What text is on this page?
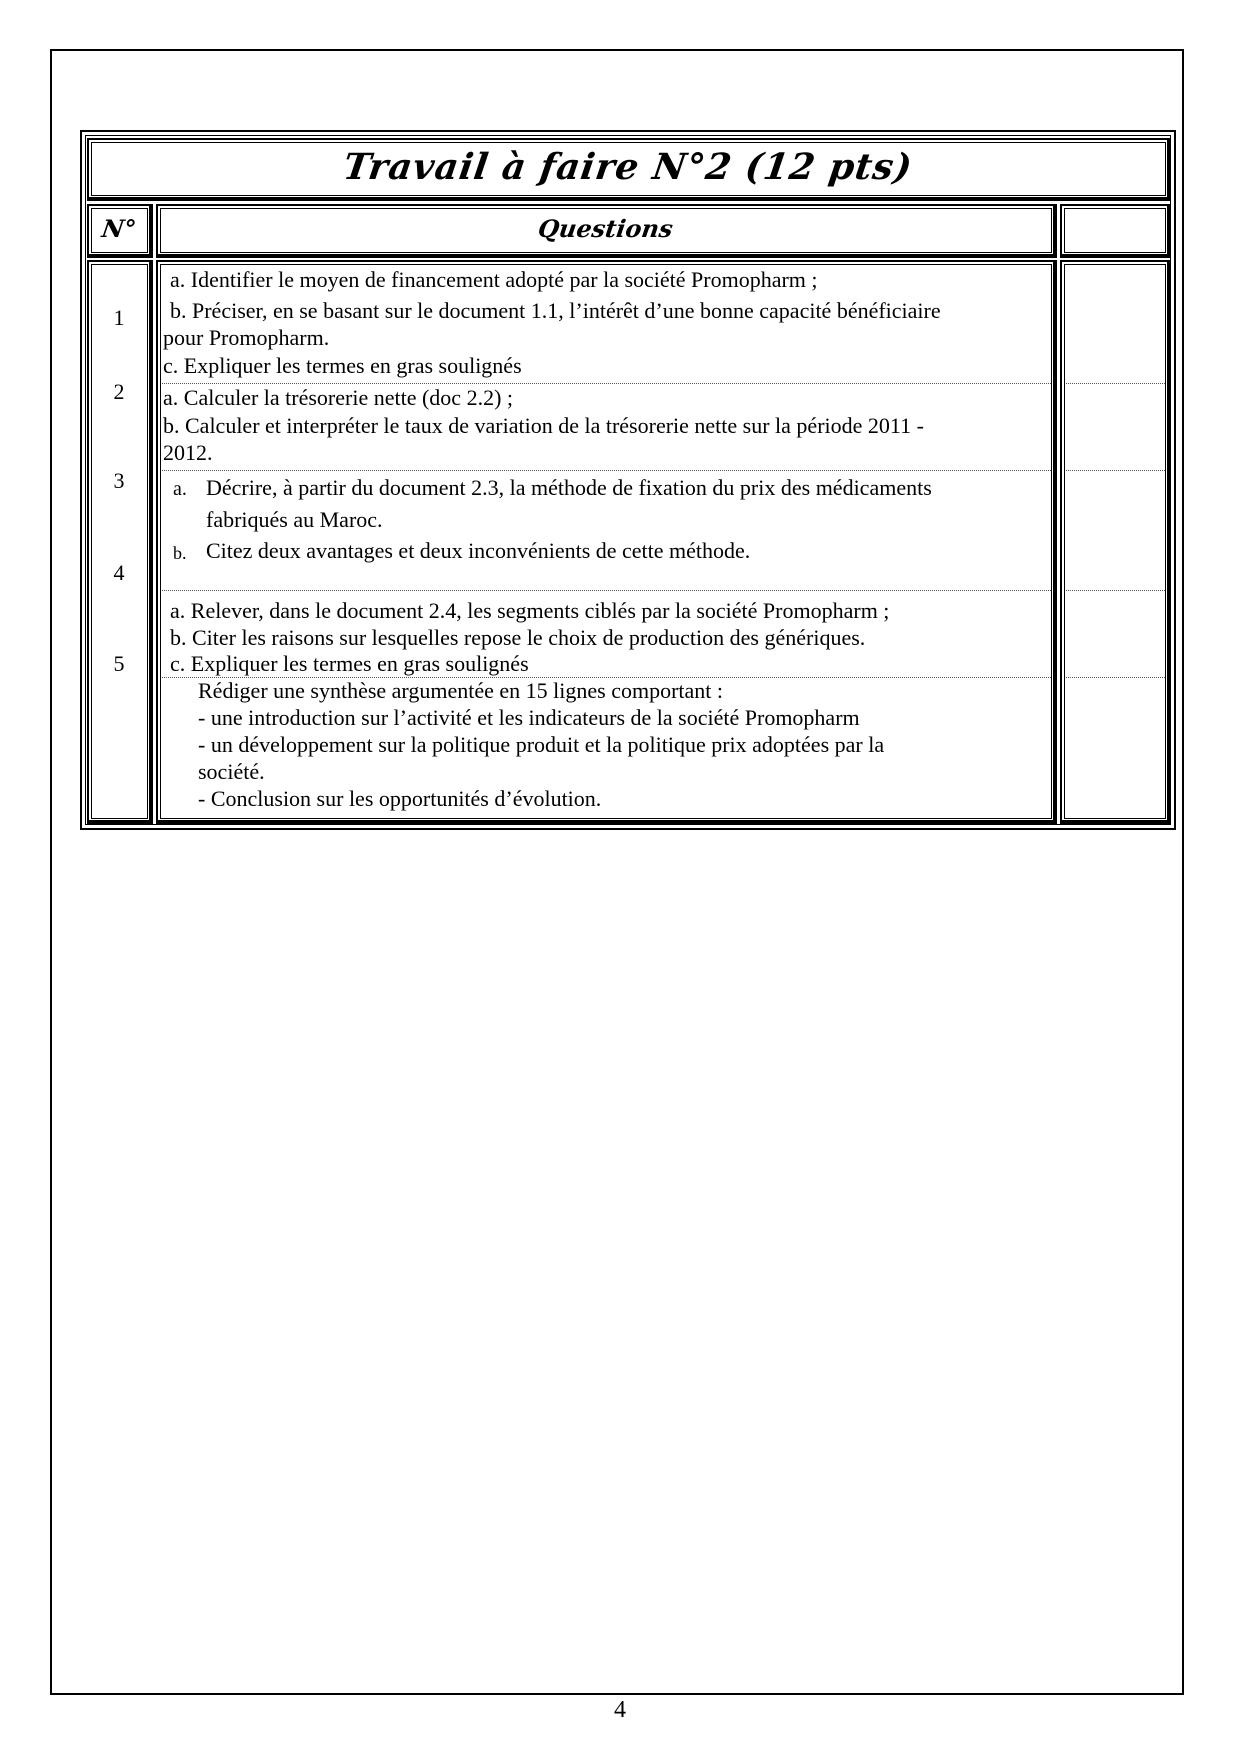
Travail à faire N°2 (12 pts)
N°	Questions
1
2
3
4
5
a. Identifier le moyen de financement adopté par la société Promopharm ;
b. Préciser, en se basant sur le document 1.1, l’intérêt d’une bonne capacité bénéficiaire
pour Promopharm.
c. Expliquer les termes en gras soulignés
a. Calculer la trésorerie nette (doc 2.2) ;
b. Calculer et interpréter le taux de variation de la trésorerie nette sur la période 2011 -
2012.
a. Décrire, à partir du document 2.3, la méthode de fixation du prix des médicaments
fabriqués au Maroc.
b. Citez deux avantages et deux inconvénients de cette méthode.
a. Relever, dans le document 2.4, les segments ciblés par la société Promopharm ;
b. Citer les raisons sur lesquelles repose le choix de production des génériques.
c. Expliquer les termes en gras soulignés
Rédiger une synthèse argumentée en 15 lignes comportant :
- une introduction sur l’activité et les indicateurs de la société Promopharm
- un développement sur la politique produit et la politique prix adoptées par la
société.
- Conclusion sur les opportunités d’évolution.
4
